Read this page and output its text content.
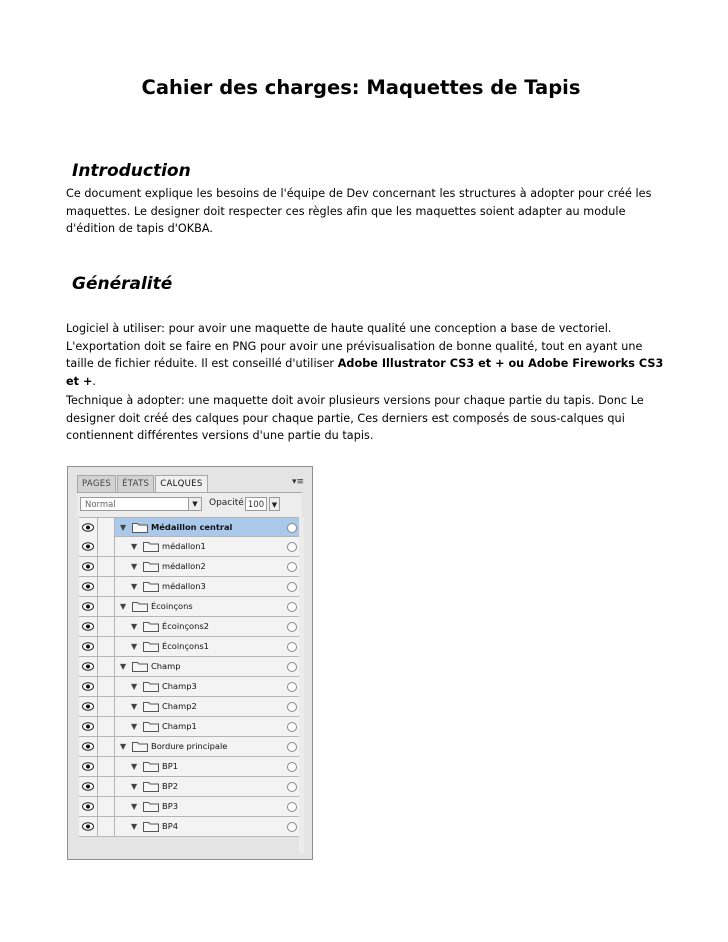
Cahier des charges: Maquettes de Tapis
Introduction
Ce document explique les besoins de l'équipe de Dev concernant les structures à adopter pour créé les maquettes. Le designer doit respecter ces règles afin que les maquettes soient adapter au module d'édition de tapis d'OKBA.
Généralité
Logiciel à utiliser: pour avoir une maquette de haute qualité une conception a base de vectoriel. L'exportation doit se faire en PNG pour avoir une prévisualisation de bonne qualité, tout en ayant une taille de fichier réduite. Il est conseillé d'utiliser Adobe Illustrator CS3 et + ou Adobe Fireworks CS3 et +.
Technique à adopter: une maquette doit avoir plusieurs versions pour chaque partie du tapis. Donc Le designer doit créé des calques pour chaque partie, Ces derniers est composés de sous-calques qui contiennent différentes versions d'une partie du tapis.
PAGES	ÉTATS	CALQUES	▾≡
Normal	▼	Opacité 100	▼
▼	Médaillon central
▼	médallon1
▼	médallon2
▼	médallon3
▼	Écoinçons
▼	Écoinçons2
▼	Écoinçons1
▼	Champ
▼	Champ3
▼	Champ2
▼	Champ1
▼	Bordure principale
▼	BP1
▼	BP2
▼	BP3
▼	BP4
